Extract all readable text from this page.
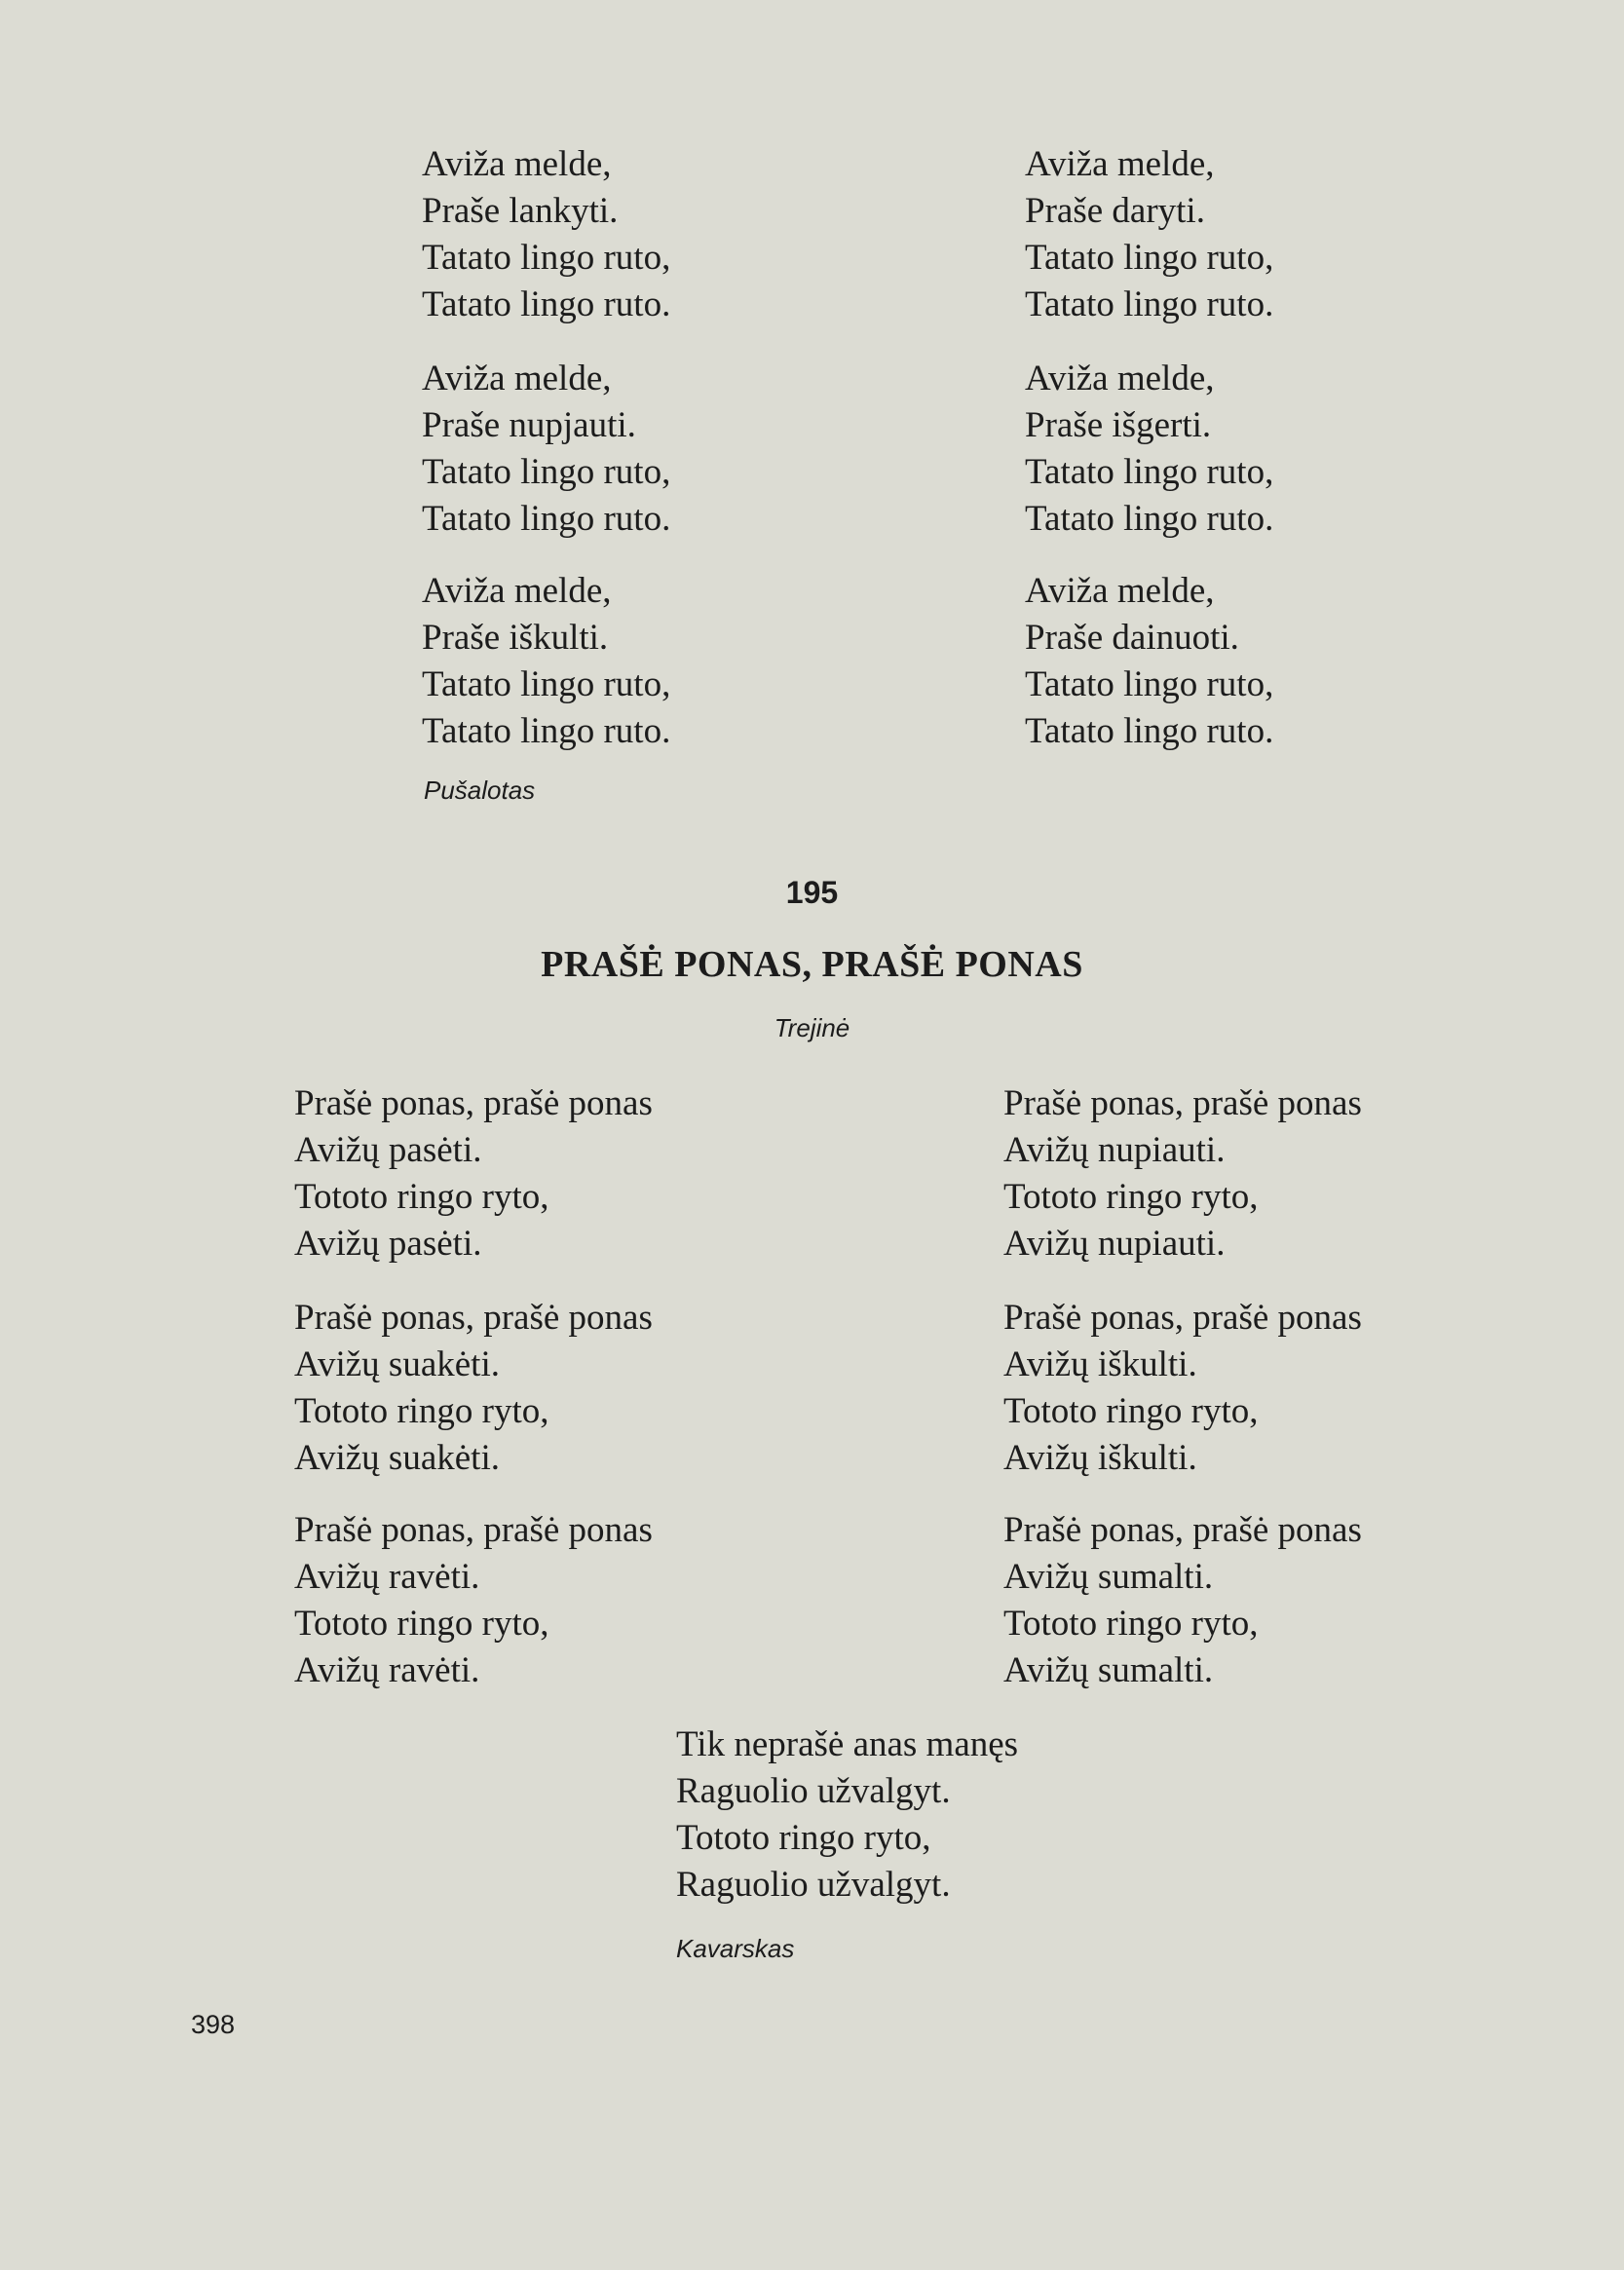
Aviža melde,
Praše lankyti.
Tatato lingo ruto,
Tatato lingo ruto.
Aviža melde,
Praše nupjauti.
Tatato lingo ruto,
Tatato lingo ruto.
Aviža melde,
Praše iškulti.
Tatato lingo ruto,
Tatato lingo ruto.
Aviža melde,
Praše daryti.
Tatato lingo ruto,
Tatato lingo ruto.
Aviža melde,
Praše išgerti.
Tatato lingo ruto,
Tatato lingo ruto.
Aviža melde,
Praše dainuoti.
Tatato lingo ruto,
Tatato lingo ruto.
Pušalotas
195
PRAŠĖ PONAS, PRAŠĖ PONAS
Trejinė
Prašė ponas, prašė ponas
Avižų pasėti.
Tototo ringo ryto,
Avižų pasėti.
Prašė ponas, prašė ponas
Avižų suakėti.
Tototo ringo ryto,
Avižų suakėti.
Prašė ponas, prašė ponas
Avižų ravėti.
Tototo ringo ryto,
Avižų ravėti.
Prašė ponas, prašė ponas
Avižų nupiauti.
Tototo ringo ryto,
Avižų nupiauti.
Prašė ponas, prašė ponas
Avižų iškulti.
Tototo ringo ryto,
Avižų iškulti.
Prašė ponas, prašė ponas
Avižų sumalti.
Tototo ringo ryto,
Avižų sumalti.
Tik neprašė anas manęs
Raguolio užvalgyt.
Tototo ringo ryto,
Raguolio užvalgyt.
Kavarskas
398
